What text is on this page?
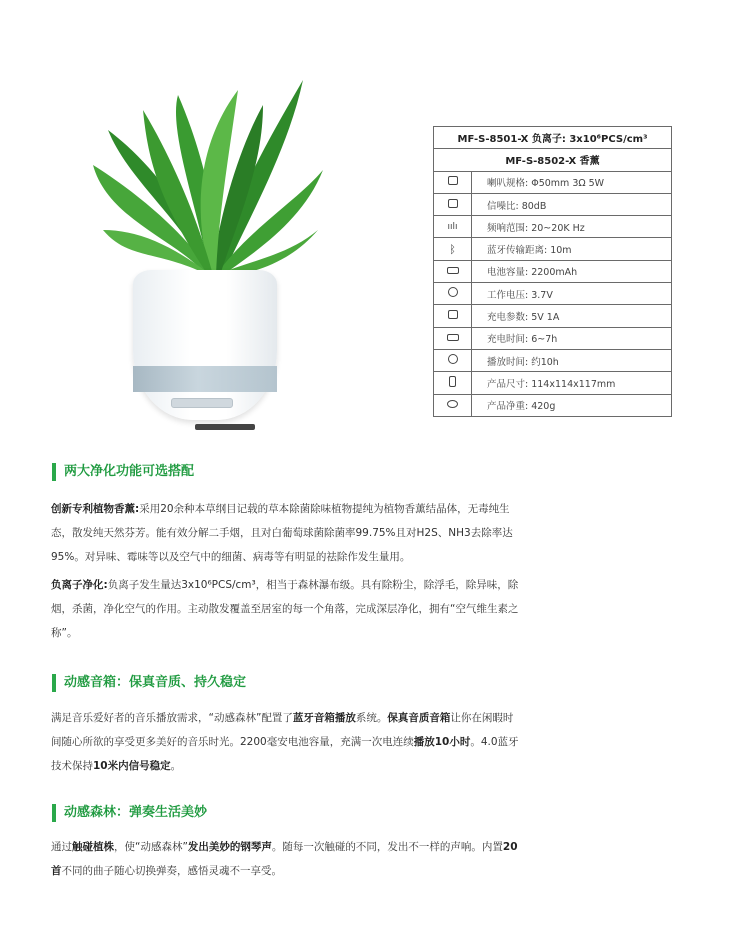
MF-S-8501-X 负离子: 3x10⁶PCS/cm³	
MF-S-8502-X 香薰	
	喇叭规格: Φ50mm 3Ω 5W
	信噪比: 80dB
ıılı	频响范围: 20~20K Hz
ᛒ	蓝牙传输距离: 10m
	电池容量: 2200mAh
	工作电压: 3.7V
	充电参数: 5V 1A
	充电时间: 6~7h
	播放时间: 约10h
	产品尺寸: 114x114x117mm
	产品净重: 420g
两大净化功能可选搭配
创新专利植物香薰:采用20余种本草纲目记载的草本除菌除味植物提纯为植物香薰结晶体，无毒纯生态，散发纯天然芬芳。能有效分解二手烟，且对白葡萄球菌除菌率99.75%且对H2S、NH3去除率达95%。对异味、霉味等以及空气中的细菌、病毒等有明显的祛除作发生量用。
负离子净化:负离子发生量达3x10⁶PCS/cm³，相当于森林瀑布级。具有除粉尘，除浮毛，除异味，除烟，杀菌，净化空气的作用。主动散发覆盖至居室的每一个角落，完成深层净化，拥有“空气维生素之称”。
动感音箱：保真音质、持久稳定
满足音乐爱好者的音乐播放需求，“动感森林”配置了蓝牙音箱播放系统。保真音质音箱让你在闲暇时间随心所欲的享受更多美好的音乐时光。2200毫安电池容量，充满一次电连续播放10小时。4.0蓝牙技术保持10米内信号稳定。
动感森林：弹奏生活美妙
通过触碰植株，使“动感森林”发出美妙的钢琴声。随每一次触碰的不同，发出不一样的声响。内置20首不同的曲子随心切换弹奏，感悟灵魂不一享受。
